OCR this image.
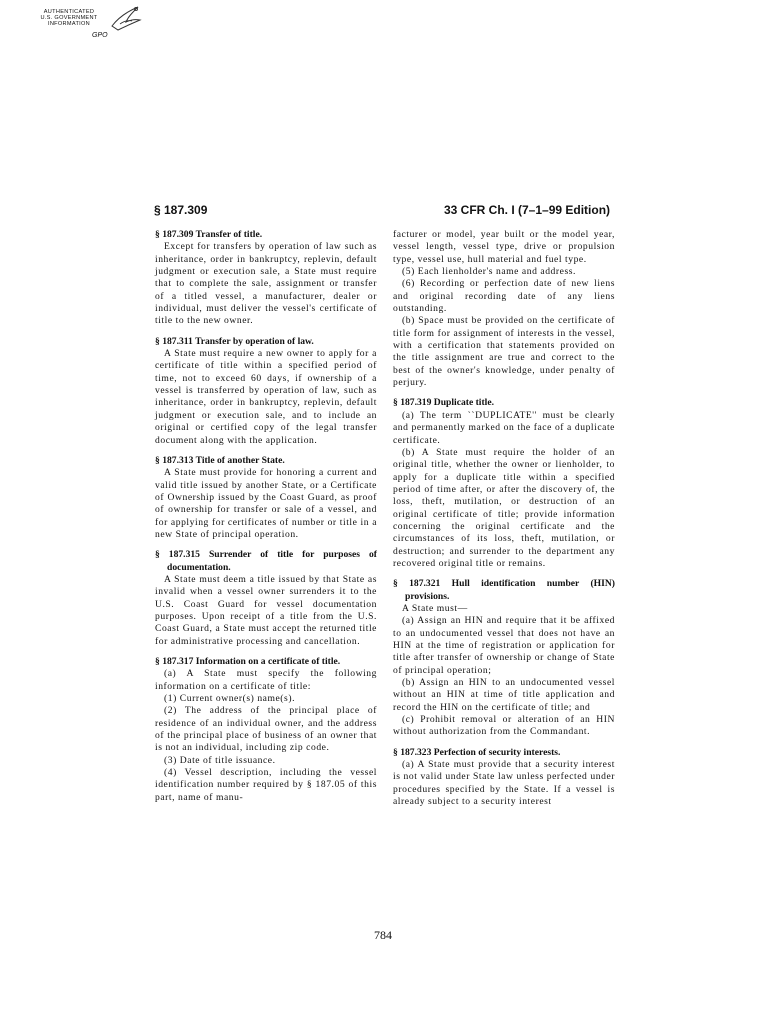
AUTHENTICATED
U.S. GOVERNMENT
INFORMATION
GPO
§ 187.309	33 CFR Ch. I (7–1–99 Edition)

§ 187.309 Transfer of title.

Except for transfers by operation of law such as inheritance, order in bankruptcy, replevin, default judgment or execution sale, a State must require that to complete the sale, assignment or transfer of a titled vessel, a manufacturer, dealer or individual, must deliver the vessel's certificate of title to the new owner.

§ 187.311 Transfer by operation of law.

A State must require a new owner to apply for a certificate of title within a specified period of time, not to exceed 60 days, if ownership of a vessel is transferred by operation of law, such as inheritance, order in bankruptcy, replevin, default judgment or execution sale, and to include an original or certified copy of the legal transfer document along with the application.

§ 187.313 Title of another State.

A State must provide for honoring a current and valid title issued by another State, or a Certificate of Ownership issued by the Coast Guard, as proof of ownership for transfer or sale of a vessel, and for applying for certificates of number or title in a new State of principal operation.

§ 187.315 Surrender of title for purposes of documentation.

A State must deem a title issued by that State as invalid when a vessel owner surrenders it to the U.S. Coast Guard for vessel documentation purposes. Upon receipt of a title from the U.S. Coast Guard, a State must accept the returned title for administrative processing and cancellation.

§ 187.317 Information on a certificate of title.

(a) A State must specify the following information on a certificate of title:

(1) Current owner(s) name(s).

(2) The address of the principal place of residence of an individual owner, and the address of the principal place of business of an owner that is not an individual, including zip code.

(3) Date of title issuance.

(4) Vessel description, including the vessel identification number required by § 187.05 of this part, name of manu-

facturer or model, year built or the model year, vessel length, vessel type, drive or propulsion type, vessel use, hull material and fuel type.

(5) Each lienholder's name and address.

(6) Recording or perfection date of new liens and original recording date of any liens outstanding.

(b) Space must be provided on the certificate of title form for assignment of interests in the vessel, with a certification that statements provided on the title assignment are true and correct to the best of the owner's knowledge, under penalty of perjury.

§ 187.319 Duplicate title.

(a) The term ``DUPLICATE'' must be clearly and permanently marked on the face of a duplicate certificate.

(b) A State must require the holder of an original title, whether the owner or lienholder, to apply for a duplicate title within a specified period of time after, or after the discovery of, the loss, theft, mutilation, or destruction of an original certificate of title; provide information concerning the original certificate and the circumstances of its loss, theft, mutilation, or destruction; and surrender to the department any recovered original title or remains.

§ 187.321 Hull identification number (HIN) provisions.

A State must—

(a) Assign an HIN and require that it be affixed to an undocumented vessel that does not have an HIN at the time of registration or application for title after transfer of ownership or change of State of principal operation;

(b) Assign an HIN to an undocumented vessel without an HIN at time of title application and record the HIN on the certificate of title; and

(c) Prohibit removal or alteration of an HIN without authorization from the Commandant.

§ 187.323 Perfection of security interests.

(a) A State must provide that a security interest is not valid under State law unless perfected under procedures specified by the State. If a vessel is already subject to a security interest

784
